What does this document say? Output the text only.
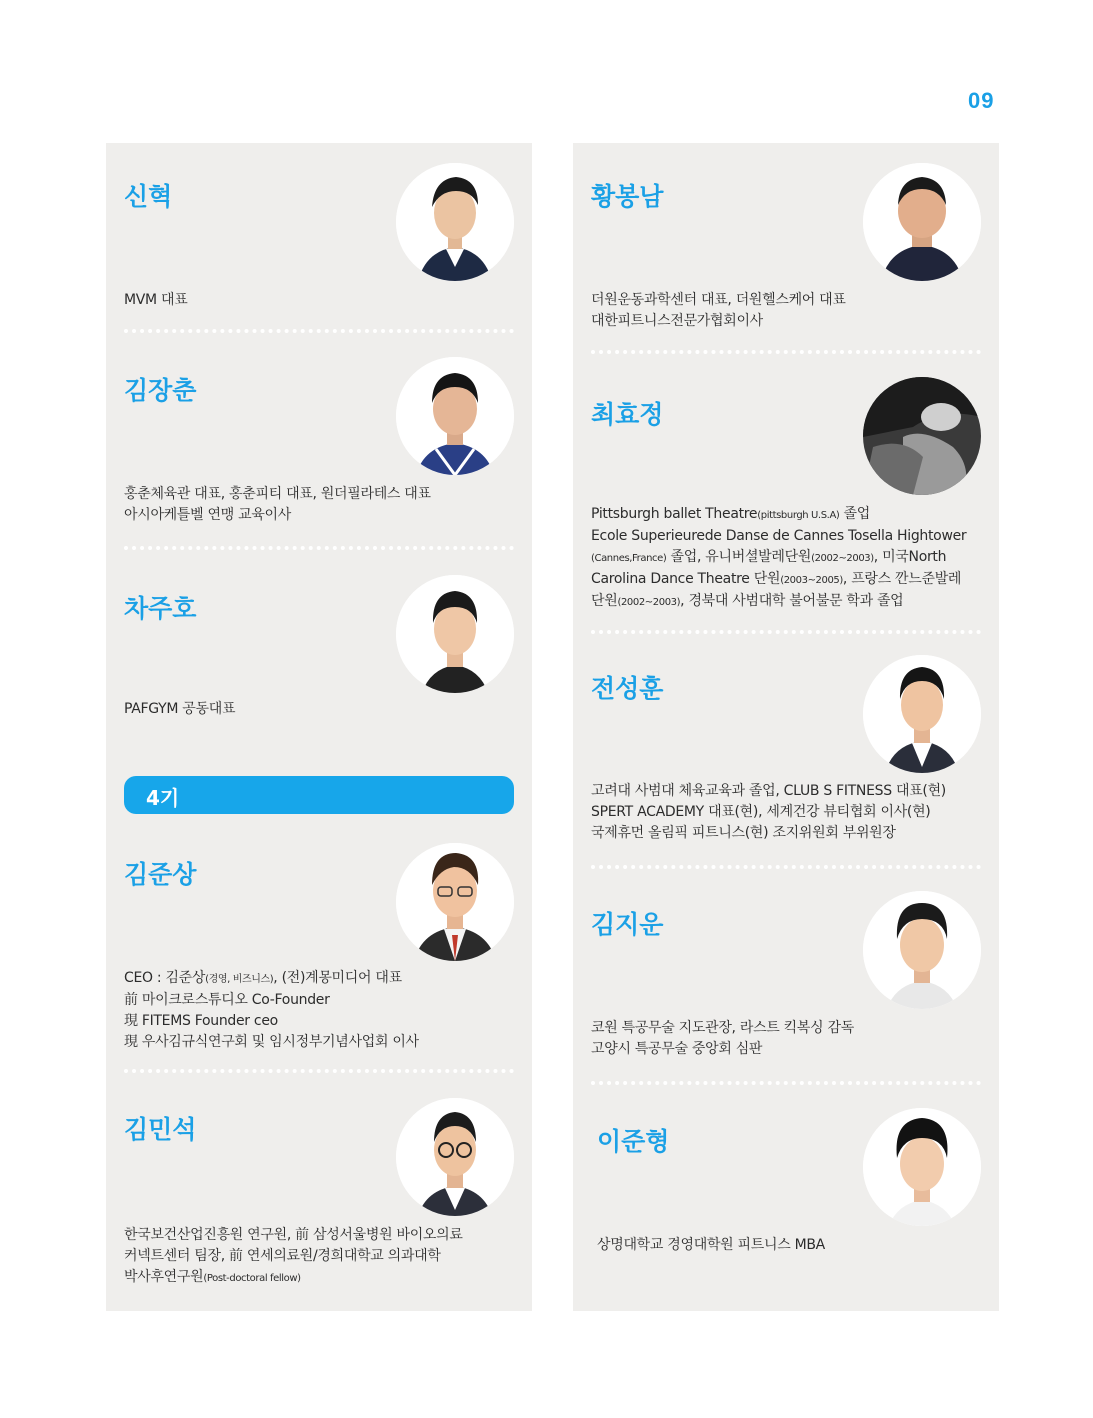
09
신혁
MVM 대표
김장춘
홍춘체육관 대표, 홍춘피티 대표, 원더필라테스 대표
아시아케틀벨 연맹 교육이사
차주호
PAFGYM 공동대표
4기
김준상
CEO : 김준상(경영, 비즈니스), (전)계몽미디어 대표
前 마이크로스튜디오 Co-Founder
現 FITEMS Founder ceo
現 우사김규식연구회 및 임시정부기념사업회 이사
김민석
한국보건산업진흥원 연구원, 前 삼성서울병원 바이오의료
커넥트센터 팀장, 前 연세의료원/경희대학교 의과대학
박사후연구원(Post-doctoral fellow)
황봉남
더원운동과학센터 대표, 더원헬스케어 대표
대한피트니스전문가협회이사
최효정
Pittsburgh ballet Theatre(pittsburgh U.S.A) 졸업
Ecole Superieurede Danse de Cannes Tosella Hightower
(Cannes,France) 졸업, 유니버셜발레단원(2002~2003), 미국North
Carolina Dance Theatre 단원(2003~2005), 프랑스 깐느준발레
단원(2002~2003), 경북대 사범대학 불어불문 학과 졸업
전성훈
고려대 사범대 체육교육과 졸업, CLUB S FITNESS 대표(현)
SPERT ACADEMY 대표(현), 세계건강 뷰티협회 이사(현)
국제휴먼 올림픽 피트니스(현) 조지위원회 부위원장
김지운
코원 특공무술 지도관장, 라스트 킥복싱 감독
고양시 특공무술 중앙회 심판
이준형
상명대학교 경영대학원 피트니스 MBA
